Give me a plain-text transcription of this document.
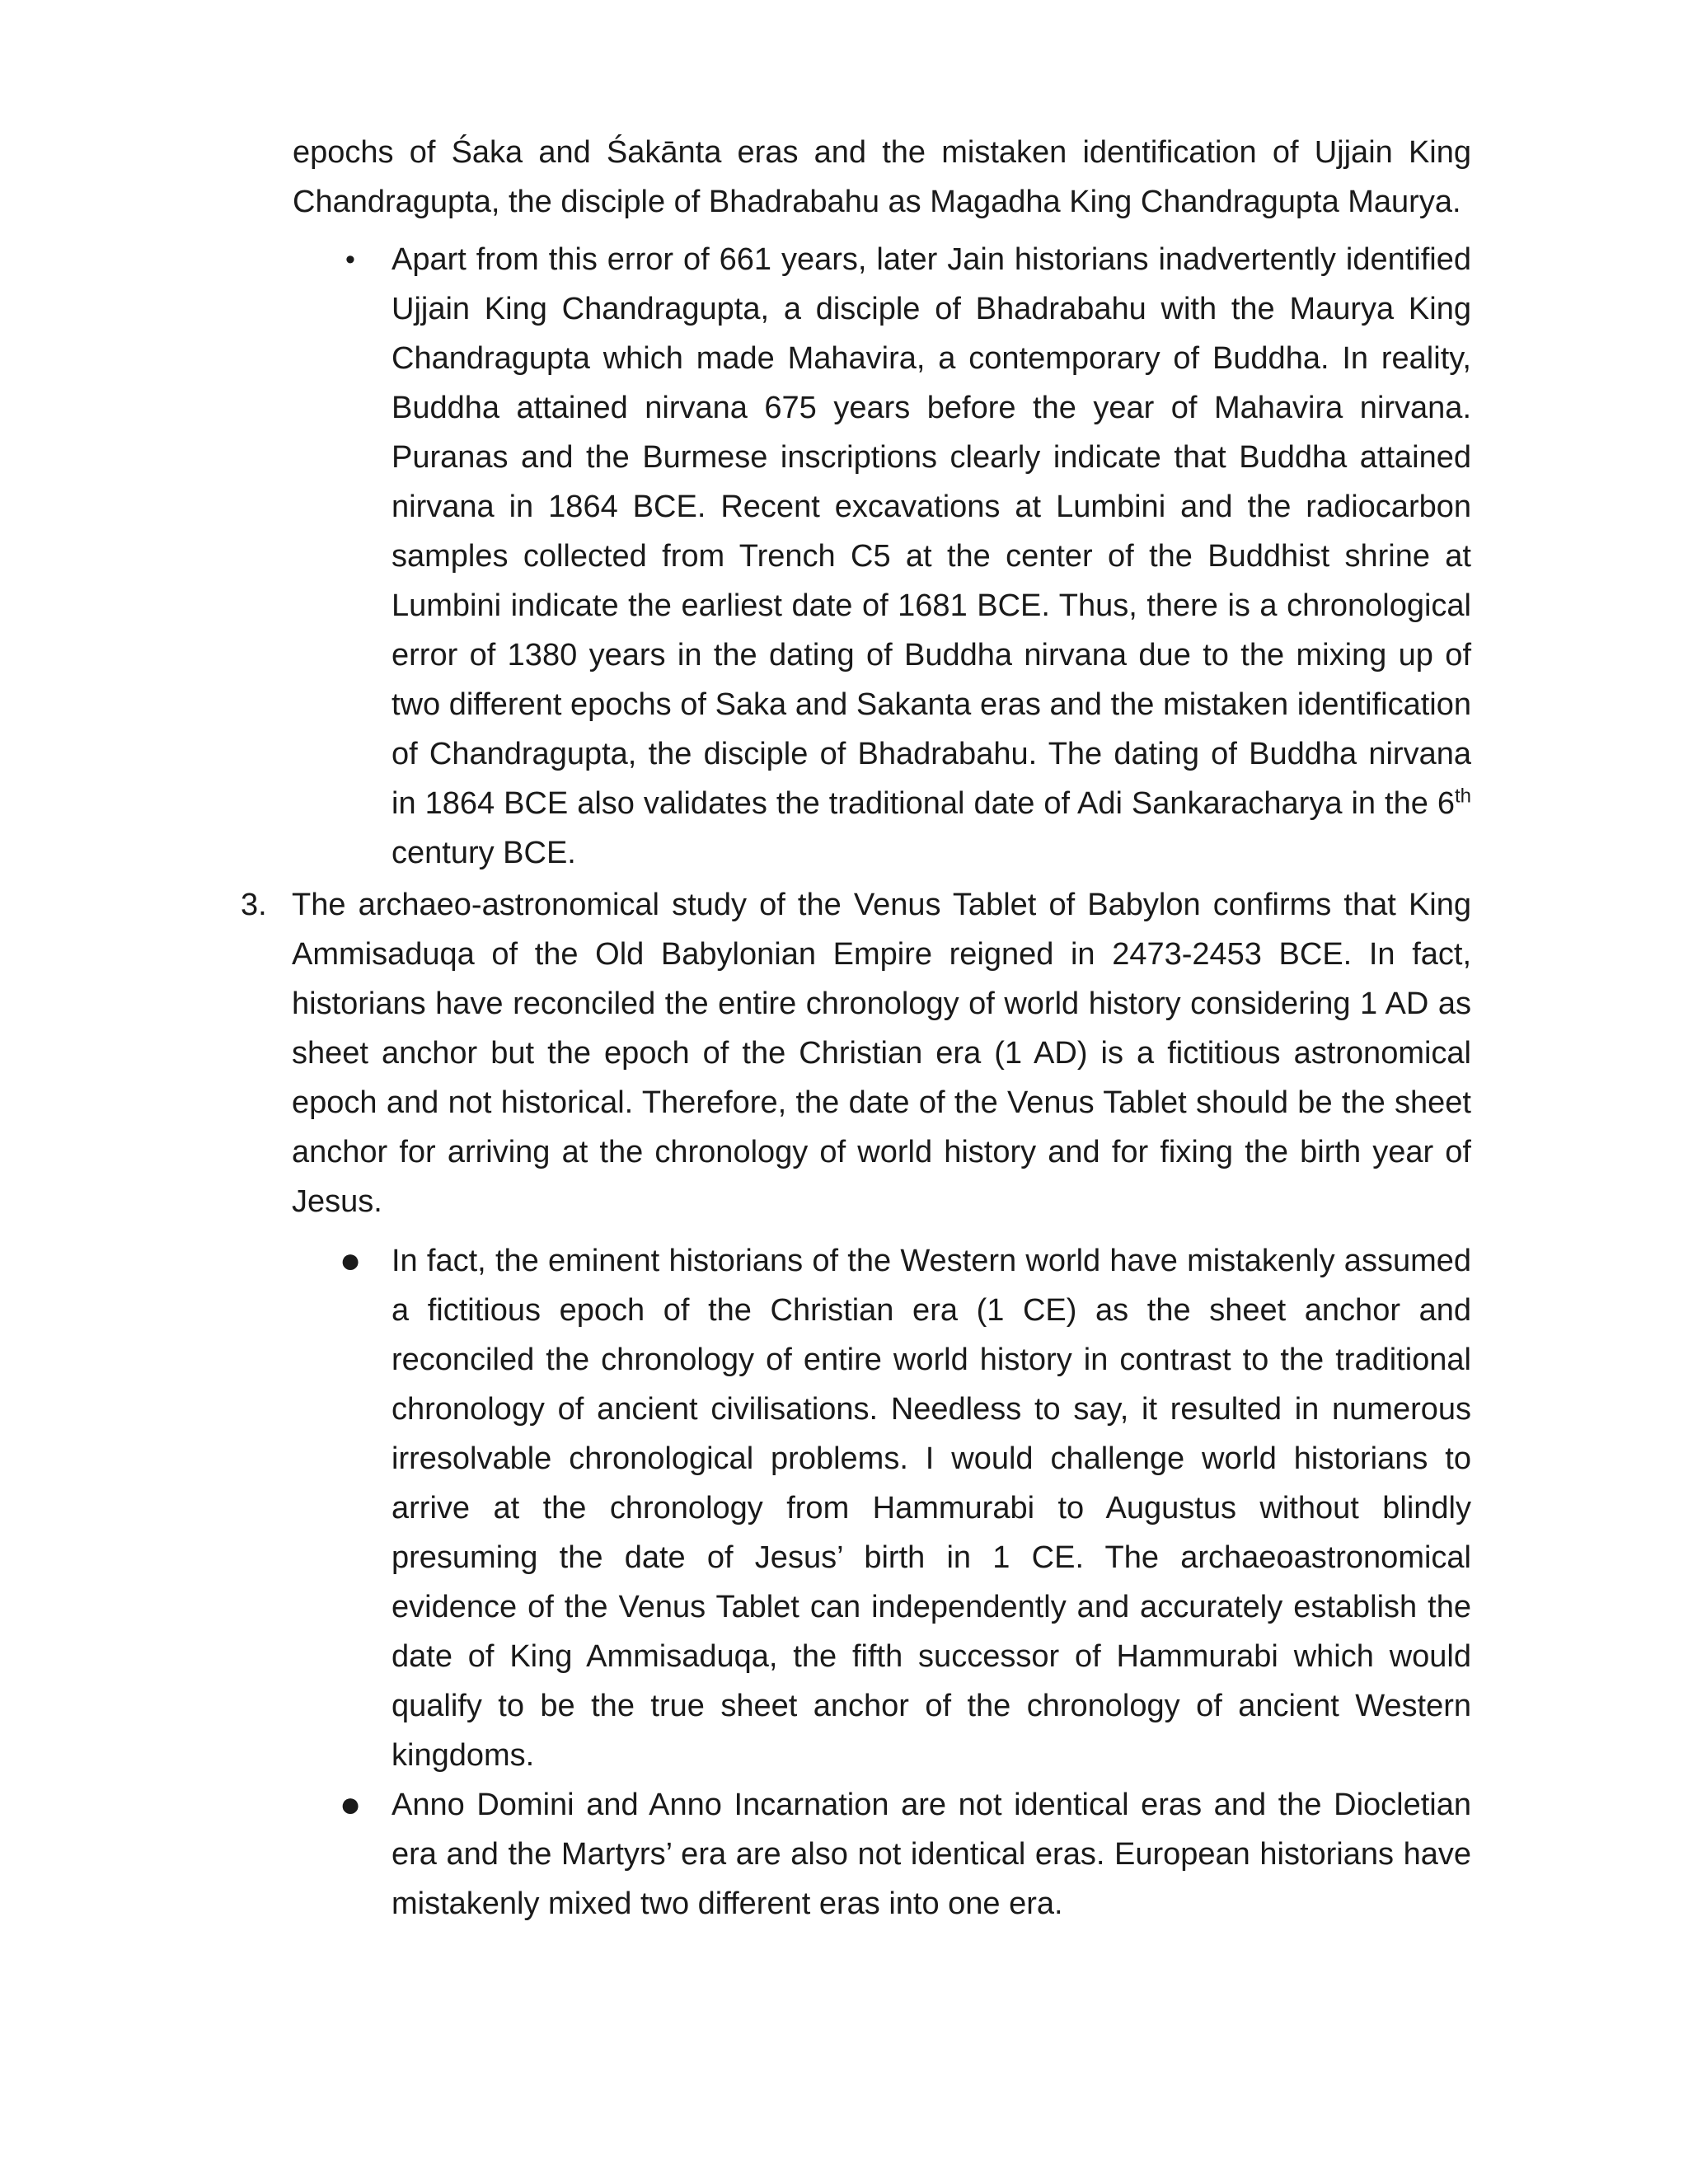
epochs of Śaka and Śakānta eras and the mistaken identification of Ujjain King Chandragupta, the disciple of Bhadrabahu as Magadha King Chandragupta Maurya.

• Apart from this error of 661 years, later Jain historians inadvertently identified Ujjain King Chandragupta, a disciple of Bhadrabahu with the Maurya King Chandragupta which made Mahavira, a contemporary of Buddha. In reality, Buddha attained nirvana 675 years before the year of Mahavira nirvana. Puranas and the Burmese inscriptions clearly indicate that Buddha attained nirvana in 1864 BCE. Recent excavations at Lumbini and the radiocarbon samples collected from Trench C5 at the center of the Buddhist shrine at Lumbini indicate the earliest date of 1681 BCE. Thus, there is a chronological error of 1380 years in the dating of Buddha nirvana due to the mixing up of two different epochs of Saka and Sakanta eras and the mistaken identification of Chandragupta, the disciple of Bhadrabahu. The dating of Buddha nirvana in 1864 BCE also validates the traditional date of Adi Sankaracharya in the 6th century BCE.

3. The archaeo-astronomical study of the Venus Tablet of Babylon confirms that King Ammisaduqa of the Old Babylonian Empire reigned in 2473-2453 BCE. In fact, historians have reconciled the entire chronology of world history considering 1 AD as sheet anchor but the epoch of the Christian era (1 AD) is a fictitious astronomical epoch and not historical. Therefore, the date of the Venus Tablet should be the sheet anchor for arriving at the chronology of world history and for fixing the birth year of Jesus.

● In fact, the eminent historians of the Western world have mistakenly assumed a fictitious epoch of the Christian era (1 CE) as the sheet anchor and reconciled the chronology of entire world history in contrast to the traditional chronology of ancient civilisations. Needless to say, it resulted in numerous irresolvable chronological problems. I would challenge world historians to arrive at the chronology from Hammurabi to Augustus without blindly presuming the date of Jesus’ birth in 1 CE. The archaeoastronomical evidence of the Venus Tablet can independently and accurately establish the date of King Ammisaduqa, the fifth successor of Hammurabi which would qualify to be the true sheet anchor of the chronology of ancient Western kingdoms.
● Anno Domini and Anno Incarnation are not identical eras and the Diocletian era and the Martyrs’ era are also not identical eras. European historians have mistakenly mixed two different eras into one era.
